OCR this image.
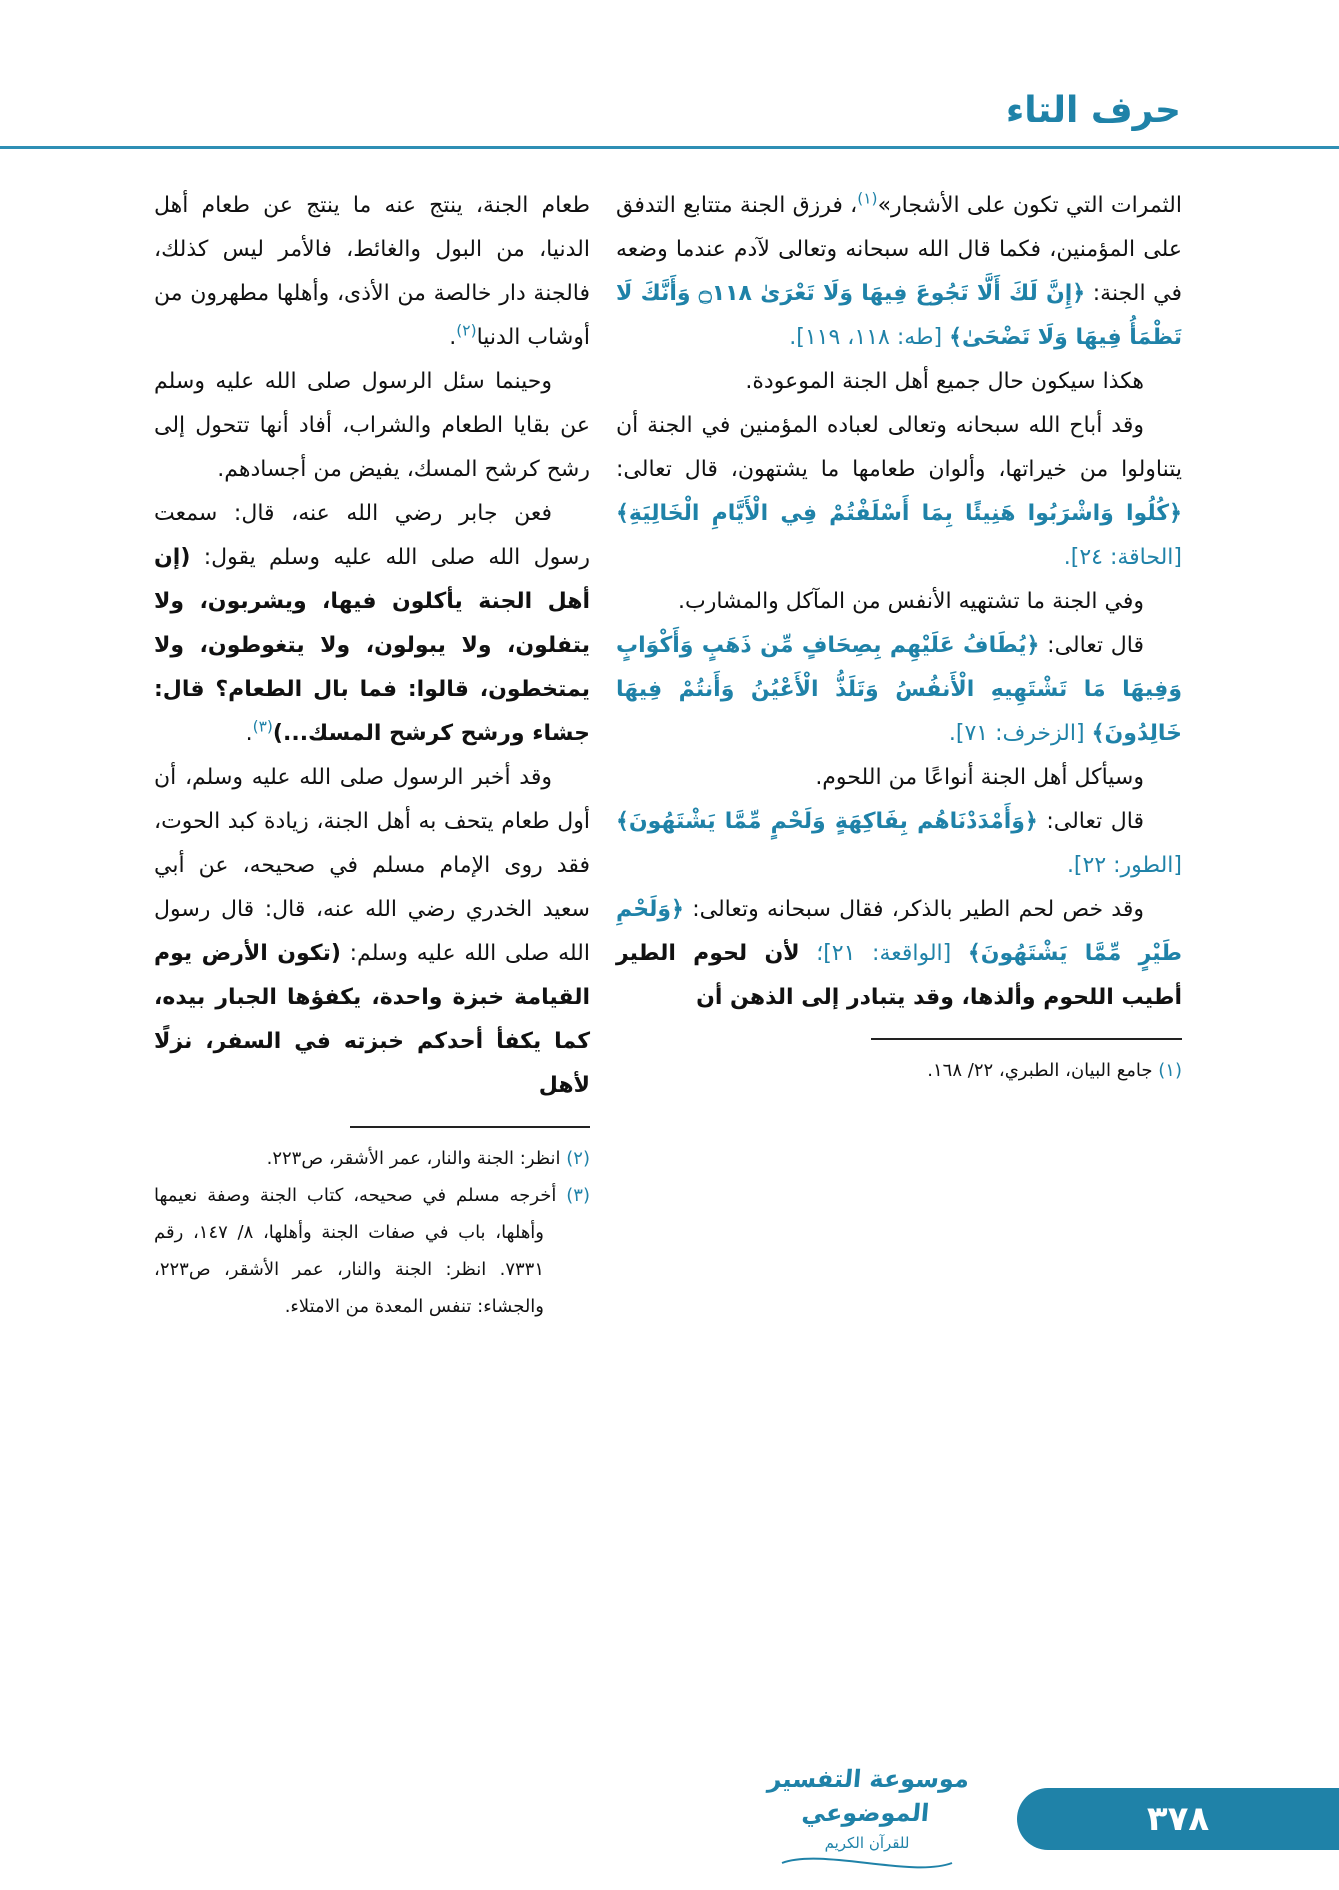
حرف التاء

الثمرات التي تكون على الأشجار»$^{(١)}$، فرزق الجنة متتابع التدفق على المؤمنين، فكما قال الله سبحانه وتعالى لآدم عندما وضعه في الجنة: ﴿إِنَّ لَكَ أَلَّا تَجُوعَ فِيهَا وَلَا تَعْرَىٰ ۝١١٨ وَأَنَّكَ لَا تَظْمَأُ فِيهَا وَلَا تَضْحَىٰ﴾ [طه: ١١٨، ١١٩].

هكذا سيكون حال جميع أهل الجنة الموعودة.

وقد أباح الله سبحانه وتعالى لعباده المؤمنين في الجنة أن يتناولوا من خيراتها، وألوان طعامها ما يشتهون، قال تعالى: ﴿كُلُوا وَاشْرَبُوا هَنِيئًا بِمَا أَسْلَفْتُمْ فِي الْأَيَّامِ الْخَالِيَةِ﴾ [الحاقة: ٢٤].

وفي الجنة ما تشتهيه الأنفس من المآكل والمشارب.

قال تعالى: ﴿يُطَافُ عَلَيْهِم بِصِحَافٍ مِّن ذَهَبٍ وَأَكْوَابٍ وَفِيهَا مَا تَشْتَهِيهِ الْأَنفُسُ وَتَلَذُّ الْأَعْيُنُ وَأَنتُمْ فِيهَا خَالِدُونَ﴾ [الزخرف: ٧١].

وسيأكل أهل الجنة أنواعًا من اللحوم.

قال تعالى: ﴿وَأَمْدَدْنَاهُم بِفَاكِهَةٍ وَلَحْمٍ مِّمَّا يَشْتَهُونَ﴾ [الطور: ٢٢].

وقد خص لحم الطير بالذكر، فقال سبحانه وتعالى: ﴿وَلَحْمِ طَيْرٍ مِّمَّا يَشْتَهُونَ﴾ [الواقعة: ٢١]؛ لأن لحوم الطير أطيب اللحوم وألذها، وقد يتبادر إلى الذهن أن

(١) جامع البيان، الطبري، ٢٢/ ١٦٨.

طعام الجنة، ينتج عنه ما ينتج عن طعام أهل الدنيا، من البول والغائط، فالأمر ليس كذلك، فالجنة دار خالصة من الأذى، وأهلها مطهرون من أوشاب الدنيا$^{(٢)}$.

وحينما سئل الرسول صلى الله عليه وسلم عن بقايا الطعام والشراب، أفاد أنها تتحول إلى رشح كرشح المسك، يفيض من أجسادهم.

فعن جابر رضي الله عنه، قال: سمعت رسول الله صلى الله عليه وسلم يقول: (إن أهل الجنة يأكلون فيها، ويشربون، ولا يتفلون، ولا يبولون، ولا يتغوطون، ولا يمتخطون، قالوا: فما بال الطعام؟ قال: جشاء ورشح كرشح المسك...)$^{(٣)}$.

وقد أخبر الرسول صلى الله عليه وسلم، أن أول طعام يتحف به أهل الجنة، زيادة كبد الحوت، فقد روى الإمام مسلم في صحيحه، عن أبي سعيد الخدري رضي الله عنه، قال: قال رسول الله صلى الله عليه وسلم: (تكون الأرض يوم القيامة خبزة واحدة، يكفؤها الجبار بيده، كما يكفأ أحدكم خبزته في السفر، نزلًا لأهل

(٢) انظر: الجنة والنار، عمر الأشقر، ص٢٢٣.

(٣) أخرجه مسلم في صحيحه، كتاب الجنة وصفة نعيمها وأهلها، باب في صفات الجنة وأهلها، ٨/ ١٤٧، رقم ٧٣٣١. انظر: الجنة والنار، عمر الأشقر، ص٢٢٣، والجشاء: تنفس المعدة من الامتلاء.

موسوعة التفسير الموضوعي
للقرآن الكريم
٣٧٨
